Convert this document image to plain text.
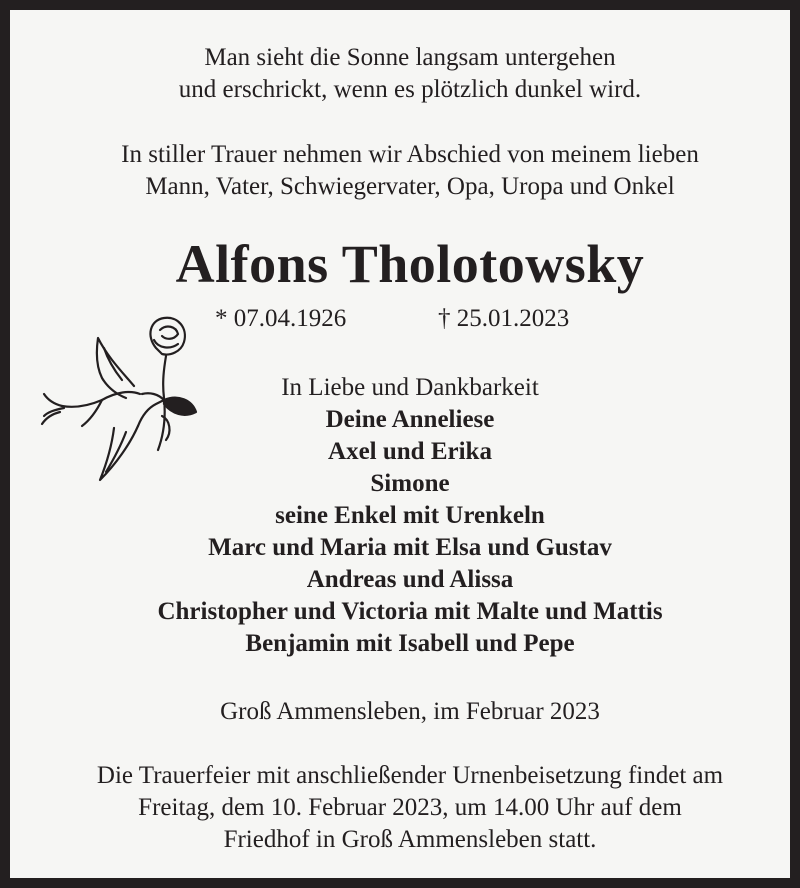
Man sieht die Sonne langsam untergehen
und erschrickt, wenn es plötzlich dunkel wird.
In stiller Trauer nehmen wir Abschied von meinem lieben
Mann, Vater, Schwiegervater, Opa, Uropa und Onkel
Alfons Tholotowsky
* 07.04.1926	† 25.01.2023
In Liebe und Dankbarkeit
Deine Anneliese
Axel und Erika
Simone
seine Enkel mit Urenkeln
Marc und Maria mit Elsa und Gustav
Andreas und Alissa
Christopher und Victoria mit Malte und Mattis
Benjamin mit Isabell und Pepe
Groß Ammensleben, im Februar 2023
Die Trauerfeier mit anschließender Urnenbeisetzung findet am
Freitag, dem 10. Februar 2023, um 14.00 Uhr auf dem
Friedhof in Groß Ammensleben statt.
